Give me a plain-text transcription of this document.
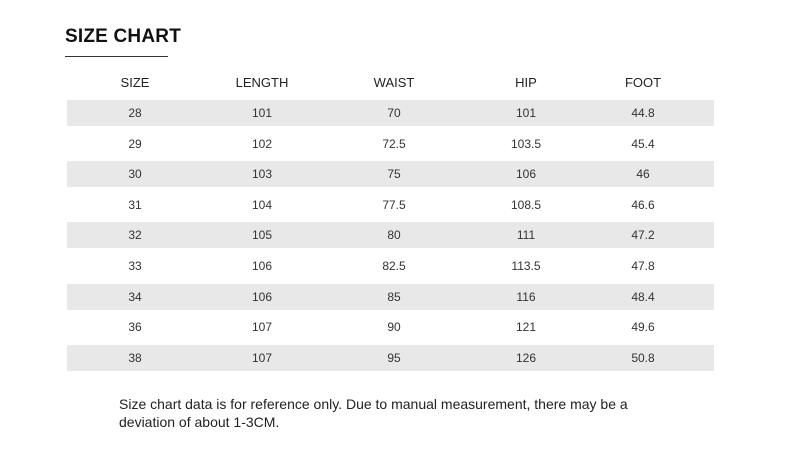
SIZE CHART
SIZE	LENGTH	WAIST	HIP	FOOT
28	101	70	101	44.8
29	102	72.5	103.5	45.4
30	103	75	106	46
31	104	77.5	108.5	46.6
32	105	80	111	47.2
33	106	82.5	113.5	47.8
34	106	85	116	48.4
36	107	90	121	49.6
38	107	95	126	50.8
Size chart data is for reference only. Due to manual measurement, there may be a deviation of about 1-3CM.
